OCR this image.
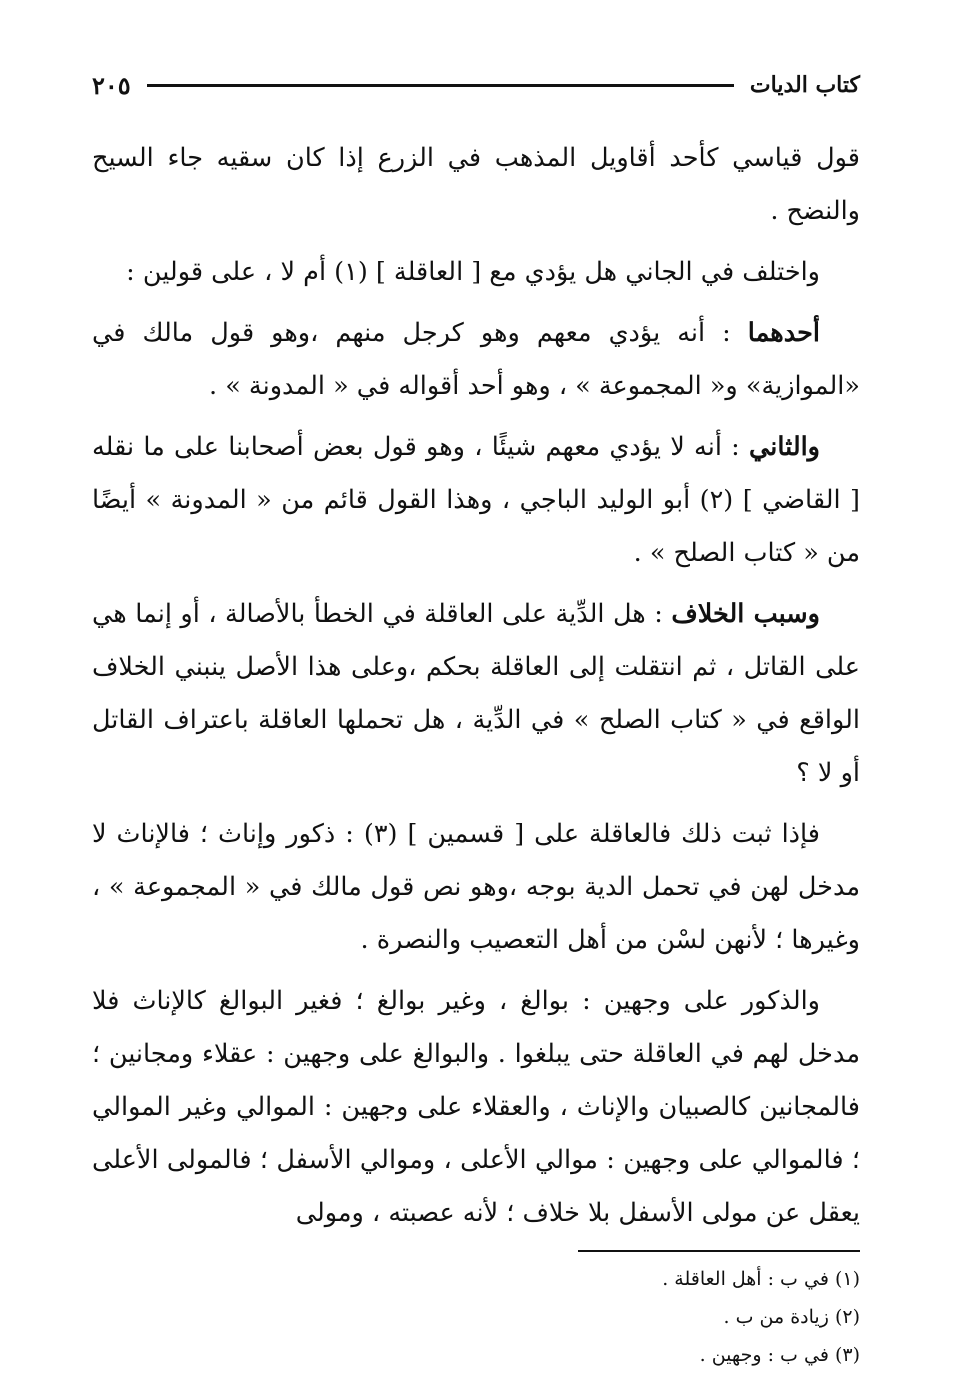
كتاب الديات
٢٠٥

قول قياسي كأحد أقاويل المذهب في الزرع إذا كان سقيه جاء السيح والنضح .

واختلف في الجاني هل يؤدي مع [ العاقلة ] (١) أم لا ، على قولين :

أحدهما : أنه يؤدي معهم وهو كرجل منهم ،وهو قول مالك في «الموازية» و« المجموعة » ، وهو أحد أقواله في « المدونة » .

والثاني : أنه لا يؤدي معهم شيئًا ، وهو قول بعض أصحابنا على ما نقله [ القاضي ] (٢) أبو الوليد الباجي ، وهذا القول قائم من « المدونة » أيضًا من « كتاب الصلح » .

وسبب الخلاف : هل الدِّية على العاقلة في الخطأ بالأصالة ، أو إنما هي على القاتل ، ثم انتقلت إلى العاقلة بحكم ،وعلى هذا الأصل ينبني الخلاف الواقع في « كتاب الصلح » في الدِّية ، هل تحملها العاقلة باعتراف القاتل أو لا ؟

فإذا ثبت ذلك فالعاقلة على [ قسمين ] (٣) : ذكور وإناث ؛ فالإناث لا مدخل لهن في تحمل الدية بوجه ،وهو نص قول مالك في « المجموعة » ، وغيرها ؛ لأنهن لسْن من أهل التعصيب والنصرة .

والذكور على وجهين : بوالغ ، وغير بوالغ ؛ فغير البوالغ كالإناث فلا مدخل لهم في العاقلة حتى يبلغوا . والبوالغ على وجهين : عقلاء ومجانين ؛ فالمجانين كالصبيان والإناث ، والعقلاء على وجهين : الموالي وغير الموالي ؛ فالموالي على وجهين : موالي الأعلى ، وموالي الأسفل ؛ فالمولى الأعلى يعقل عن مولى الأسفل بلا خلاف ؛ لأنه عصبته ، ومولى

(١) في ب : أهل العاقلة .
(٢) زيادة من ب .
(٣) في ب : وجهين .
